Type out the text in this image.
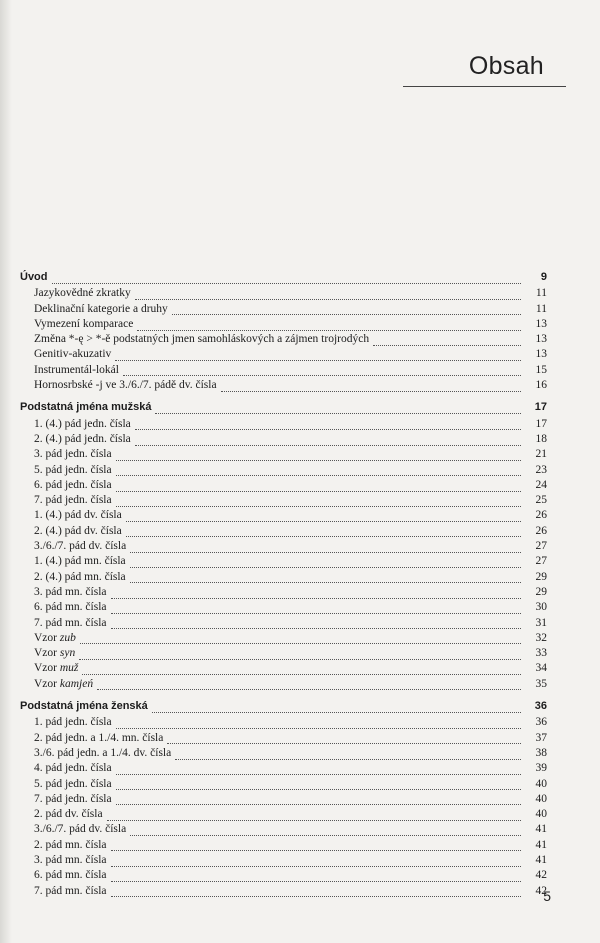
Obsah
Úvod	9
Jazykovědné zkratky	11
Deklinační kategorie a druhy	11
Vymezení komparace	13
Změna *-ę > *-ě podstatných jmen samohláskových a zájmen trojrodých	13
Genitiv-akuzativ	13
Instrumentál-lokál	15
Hornosrbské -j ve 3./6./7. pádě dv. čísla	16
Podstatná jména mužská	17
1. (4.) pád jedn. čísla	17
2. (4.) pád jedn. čísla	18
3. pád jedn. čísla	21
5. pád jedn. čísla	23
6. pád jedn. čísla	24
7. pád jedn. čísla	25
1. (4.) pád dv. čísla	26
2. (4.) pád dv. čísla	26
3./6./7. pád dv. čísla	27
1. (4.) pád mn. čísla	27
2. (4.) pád mn. čísla	29
3. pád mn. čísla	29
6. pád mn. čísla	30
7. pád mn. čísla	31
Vzor zub	32
Vzor syn	33
Vzor muž	34
Vzor kamjeń	35
Podstatná jména ženská	36
1. pád jedn. čísla	36
2. pád jedn. a 1./4. mn. čísla	37
3./6. pád jedn. a 1./4. dv. čísla	38
4. pád jedn. čísla	39
5. pád jedn. čísla	40
7. pád jedn. čísla	40
2. pád dv. čísla	40
3./6./7. pád dv. čísla	41
2. pád mn. čísla	41
3. pád mn. čísla	41
6. pád mn. čísla	42
7. pád mn. čísla	42
5
